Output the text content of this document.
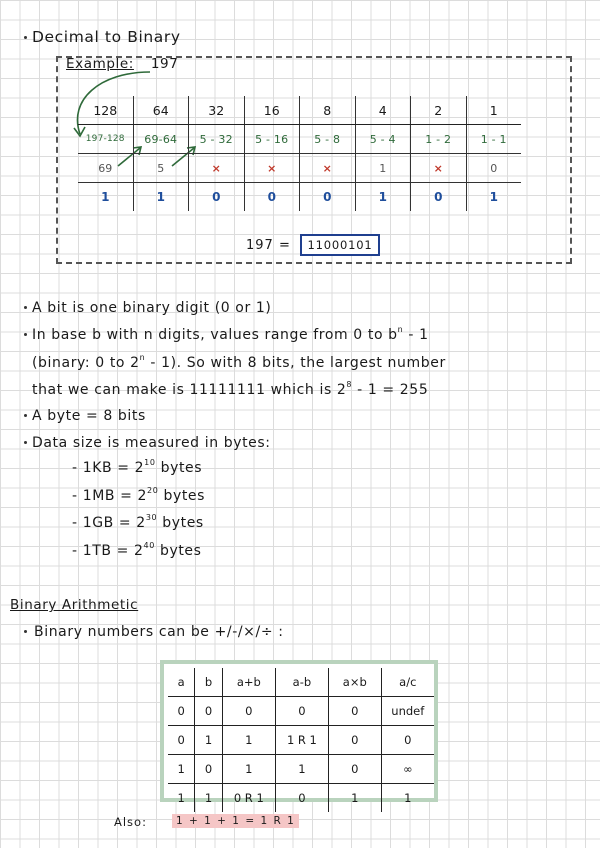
Decimal to Binary
Example: 197
128	64	32	16	8	4	2	1
197-128	69-64	5 - 32	5 - 16	5 - 8	5 - 4	1 - 2	1 - 1
69	5	×	×	×	1	×	0
1	1	0	0	0	1	0	1
197 =	11000101
A bit is one binary digit (0 or 1)
In base b with n digits, values range from 0 to $b^n - 1$
(binary: 0 to 2$^n$ - 1). So with 8 bits, the largest number
that we can make is 11111111 which is $2^8 - 1 = 255$
A byte = 8 bits
Data size is measured in bytes:
- $1KB = 2^{10}$ bytes
- $1MB = 2^{20}$ bytes
- $1GB = 2^{30}$ bytes
- $1TB = 2^{40}$ bytes
Binary Arithmetic
Binary numbers can be +/-/×/÷ :
a	b	a+b	a-b	a×b	a/c
0	0	0	0	0	undef
0	1	1	1 R 1	0	0
1	0	1	1	0	∞
1	1	0 R 1	0	1	1
Also:	1 + 1 + 1 = 1 R 1
